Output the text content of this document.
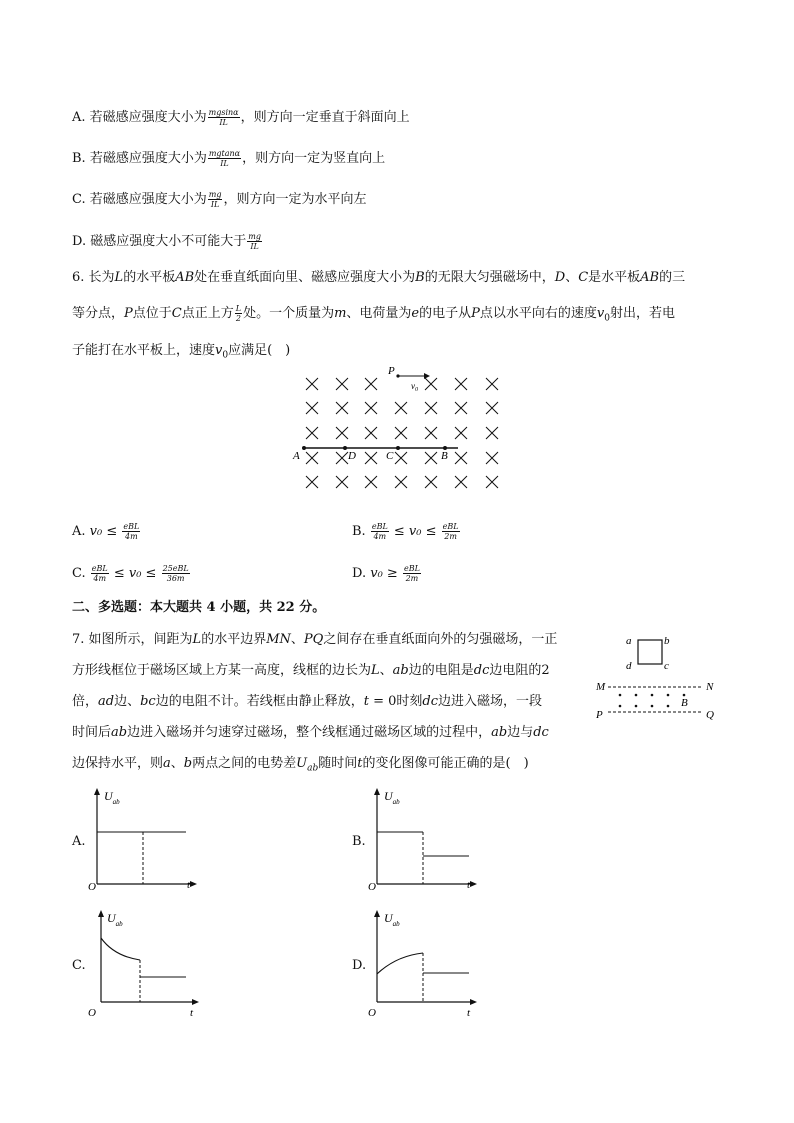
A. 若磁感应强度大小为 $\frac{mgsin\alpha}{IL}$ ，则方向一定垂直于斜面向上
B. 若磁感应强度大小为 $\frac{mgtan\alpha}{IL}$ ，则方向一定为竖直向上
C. 若磁感应强度大小为 $\frac{mg}{IL}$ ，则方向一定为水平向左
D. 磁感应强度大小不可能大于 $\frac{mg}{IL}$
6. 长为L的水平板AB处在垂直纸面向里、磁感应强度大小为B的无限大匀强磁场中，D、C是水平板AB的三
等分点，P点位于C点正上方 $\frac{L}{2}$ 处。一个质量为m、电荷量为e的电子从P点以水平向右的速度$v_0$射出，若电
子能打在水平板上，速度$v_0$应满足(　)
P
$v_0$
A	D	C	B
A. $v_0 \le \frac{\text{eBL}}{4m}$	B. $\frac{\text{eBL}}{4m} \le v_0 \le \frac{\text{eBL}}{2m}$
C. $\frac{\text{eBL}}{4m} \le v_0 \le \frac{\text{25eBL}}{36m}$	D. $v_0 \ge \frac{\text{eBL}}{2m}$
二、多选题：本大题共 4 小题，共 22 分。
7. 如图所示，间距为L的水平边界MN、PQ之间存在垂直纸面向外的匀强磁场，一正
方形线框位于磁场区域上方某一高度，线框的边长为L、ab边的电阻是dc边电阻的2
倍，ad边、bc边的电阻不计。若线框由静止释放，t = 0时刻dc边进入磁场，一段
时间后ab边进入磁场并匀速穿过磁场，整个线框通过磁场区域的过程中，ab边与dc
边保持水平，则a、b两点之间的电势差$U_{ab}$随时间t的变化图像可能正确的是(　)
a	b
c
d
M	N
P	Q
B
A.
$U_{ab}$
O	t
B.
$U_{ab}$
O	t
C.
$U_{ab}$
O	t
D.
$U_{ab}$
O	t
